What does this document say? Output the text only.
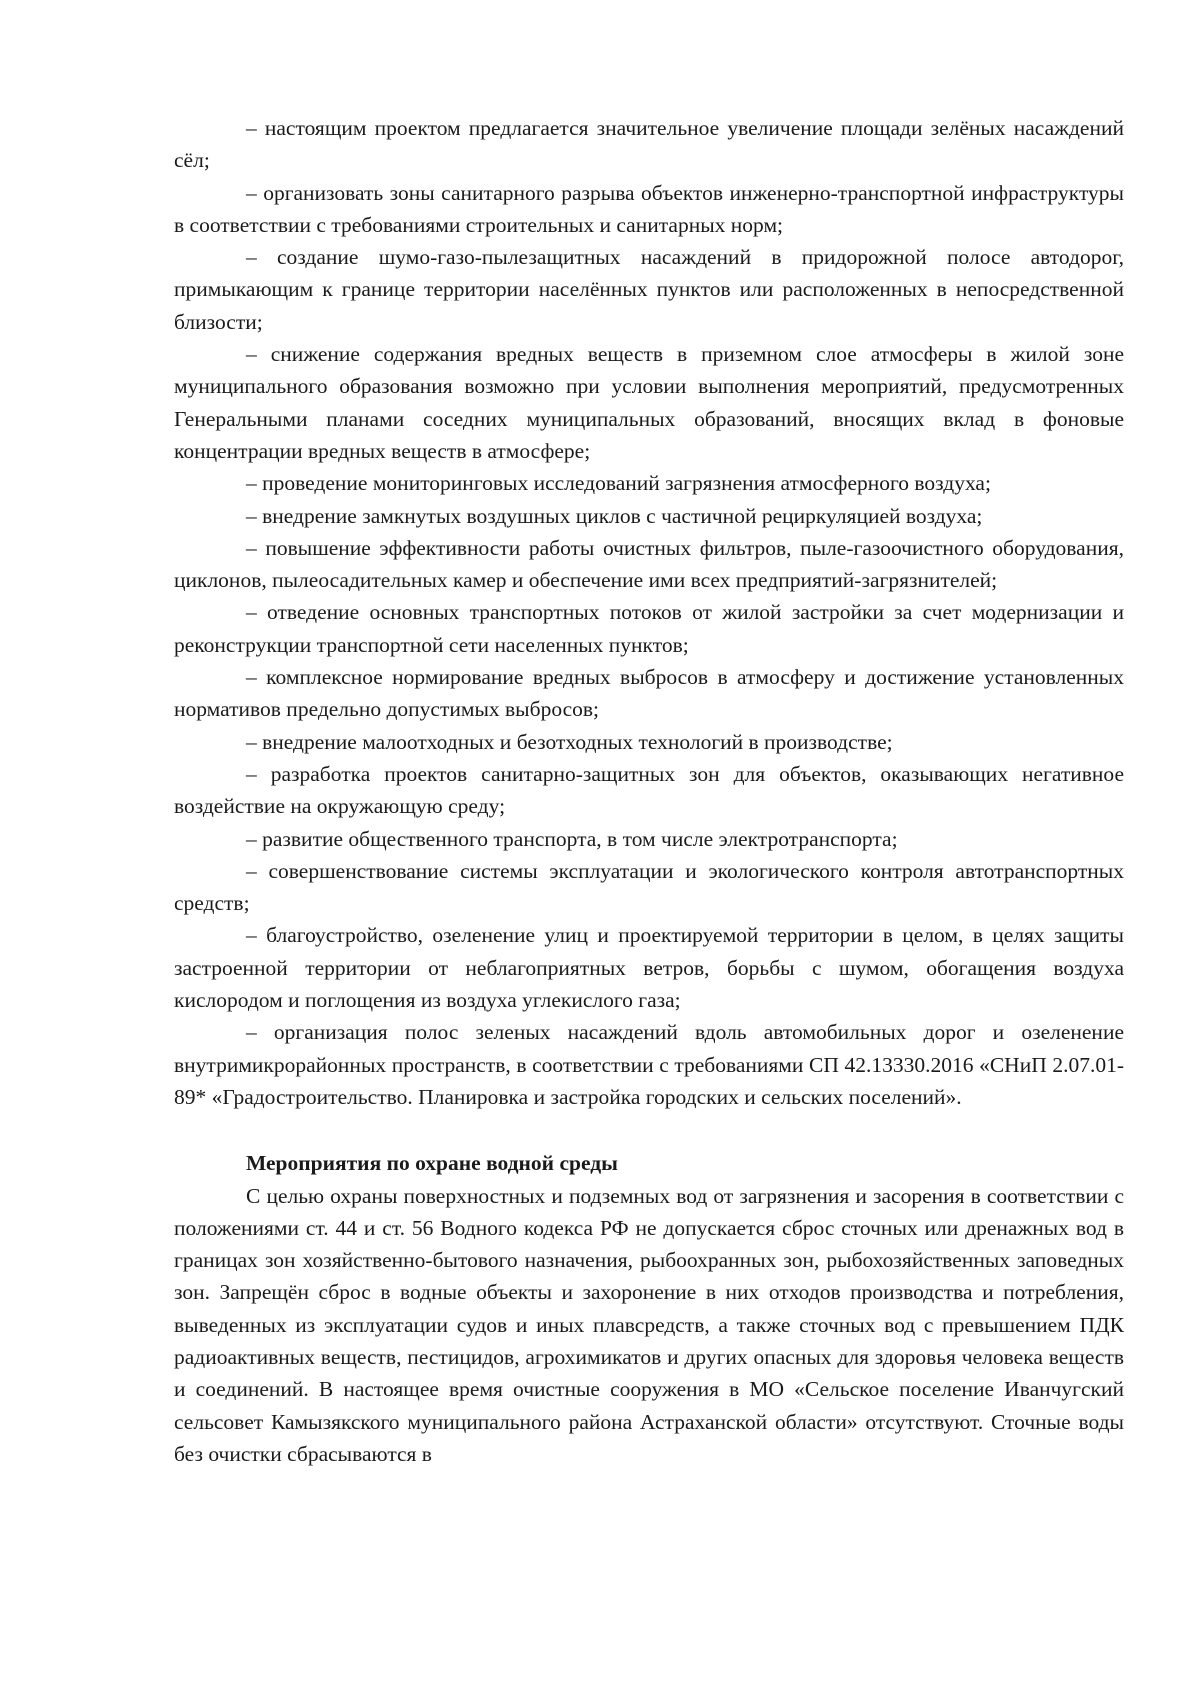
– настоящим проектом предлагается значительное увеличение площади зелёных насаждений сёл;

– организовать зоны санитарного разрыва объектов инженерно-транспортной инфраструктуры в соответствии с требованиями строительных и санитарных норм;

– создание шумо-газо-пылезащитных насаждений в придорожной полосе автодорог, примыкающим к границе территории населённых пунктов или расположенных в непосредственной близости;

– снижение содержания вредных веществ в приземном слое атмосферы в жилой зоне муниципального образования возможно при условии выполнения мероприятий, предусмотренных Генеральными планами соседних муниципальных образований, вносящих вклад в фоновые концентрации вредных веществ в атмосфере;

– проведение мониторинговых исследований загрязнения атмосферного воздуха;

– внедрение замкнутых воздушных циклов с частичной рециркуляцией воздуха;

– повышение эффективности работы очистных фильтров, пыле-газоочистного оборудования, циклонов, пылеосадительных камер и обеспечение ими всех предприятий-загрязнителей;

– отведение основных транспортных потоков от жилой застройки за счет модернизации и реконструкции транспортной сети населенных пунктов;

– комплексное нормирование вредных выбросов в атмосферу и достижение установленных нормативов предельно допустимых выбросов;

– внедрение малоотходных и безотходных технологий в производстве;

– разработка проектов санитарно-защитных зон для объектов, оказывающих негативное воздействие на окружающую среду;

– развитие общественного транспорта, в том числе электротранспорта;

– совершенствование системы эксплуатации и экологического контроля автотранспортных средств;

– благоустройство, озеленение улиц и проектируемой территории в целом, в целях защиты застроенной территории от неблагоприятных ветров, борьбы с шумом, обогащения воздуха кислородом и поглощения из воздуха углекислого газа;

– организация полос зеленых насаждений вдоль автомобильных дорог и озеленение внутримикрорайонных пространств, в соответствии с требованиями СП 42.13330.2016 «СНиП 2.07.01-89* «Градостроительство. Планировка и застройка городских и сельских поселений».

Мероприятия по охране водной среды

С целью охраны поверхностных и подземных вод от загрязнения и засорения в соответствии с положениями ст. 44 и ст. 56 Водного кодекса РФ не допускается сброс сточных или дренажных вод в границах зон хозяйственно-бытового назначения, рыбоохранных зон, рыбохозяйственных заповедных зон. Запрещён сброс в водные объекты и захоронение в них отходов производства и потребления, выведенных из эксплуатации судов и иных плавсредств, а также сточных вод с превышением ПДК радиоактивных веществ, пестицидов, агрохимикатов и других опасных для здоровья человека веществ и соединений. В настоящее время очистные сооружения в МО «Сельское поселение Иванчугский сельсовет Камызякского муниципального района Астраханской области» отсутствуют. Сточные воды без очистки сбрасываются в
